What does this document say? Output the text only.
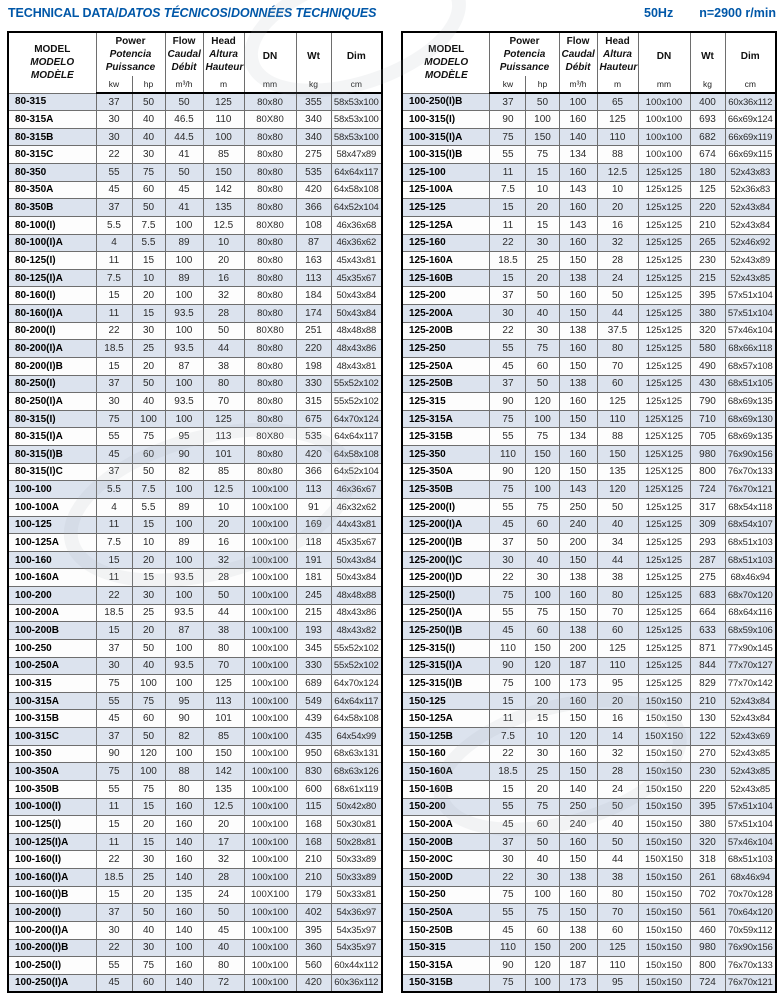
TECHNICAL DATA/DATOS TÉCNICOS/DONNÉES TECHNIQUES	50Hz n=2900 r/min
MODEL
MODELO
MODÈLE

Power
Potencia
Puissance

Flow
Caudal
Débit

Head
Altura
Hauteur
	DN	Wt	Dim
	kw	hp	m³/h	m	mm	kg	cm
80-315	37	50	50	125	80x80	355	58x53x100
80-315A	30	40	46.5	110	80X80	340	58x53x100
80-315B	30	40	44.5	100	80x80	340	58x53x100
80-315C	22	30	41	85	80x80	275	58x47x89
80-350	55	75	50	150	80x80	535	64x64x117
80-350A	45	60	45	142	80x80	420	64x58x108
80-350B	37	50	41	135	80x80	366	64x52x104
80-100(I)	5.5	7.5	100	12.5	80X80	108	46x36x68
80-100(I)A	4	5.5	89	10	80x80	87	46x36x62
80-125(I)	11	15	100	20	80x80	163	45x43x81
80-125(I)A	7.5	10	89	16	80x80	113	45x35x67
80-160(I)	15	20	100	32	80x80	184	50x43x84
80-160(I)A	11	15	93.5	28	80x80	174	50x43x84
80-200(I)	22	30	100	50	80X80	251	48x48x88
80-200(I)A	18.5	25	93.5	44	80x80	220	48x43x86
80-200(I)B	15	20	87	38	80x80	198	48x43x81
80-250(I)	37	50	100	80	80x80	330	55x52x102
80-250(I)A	30	40	93.5	70	80x80	315	55x52x102
80-315(I)	75	100	100	125	80x80	675	64x70x124
80-315(I)A	55	75	95	113	80X80	535	64x64x117
80-315(I)B	45	60	90	101	80x80	420	64x58x108
80-315(I)C	37	50	82	85	80x80	366	64x52x104
100-100	5.5	7.5	100	12.5	100x100	113	46x36x67
100-100A	4	5.5	89	10	100x100	91	46x32x62
100-125	11	15	100	20	100x100	169	44x43x81
100-125A	7.5	10	89	16	100x100	118	45x35x67
100-160	15	20	100	32	100x100	191	50x43x84
100-160A	11	15	93.5	28	100x100	181	50x43x84
100-200	22	30	100	50	100x100	245	48x48x88
100-200A	18.5	25	93.5	44	100x100	215	48x43x86
100-200B	15	20	87	38	100x100	193	48x43x82
100-250	37	50	100	80	100x100	345	55x52x102
100-250A	30	40	93.5	70	100x100	330	55x52x102
100-315	75	100	100	125	100x100	689	64x70x124
100-315A	55	75	95	113	100x100	549	64x64x117
100-315B	45	60	90	101	100x100	439	64x58x108
100-315C	37	50	82	85	100x100	435	64x54x99
100-350	90	120	100	150	100x100	950	68x63x131
100-350A	75	100	88	142	100x100	830	68x63x126
100-350B	55	75	80	135	100x100	600	68x61x119
100-100(I)	11	15	160	12.5	100x100	115	50x42x80
100-125(I)	15	20	160	20	100x100	168	50x30x81
100-125(I)A	11	15	140	17	100x100	168	50x28x81
100-160(I)	22	30	160	32	100x100	210	50x33x89
100-160(I)A	18.5	25	140	28	100x100	210	50x33x89
100-160(I)B	15	20	135	24	100X100	179	50x33x81
100-200(I)	37	50	160	50	100x100	402	54x36x97
100-200(I)A	30	40	140	45	100x100	395	54x35x97
100-200(I)B	22	30	100	40	100x100	360	54x35x97
100-250(I)	55	75	160	80	100x100	560	60x44x112
100-250(I)A	45	60	140	72	100x100	420	60x36x112
MODEL
MODELO
MODÈLE

Power
Potencia
Puissance

Flow
Caudal
Débit

Head
Altura
Hauteur
	DN	Wt	Dim
	kw	hp	m³/h	m	mm	kg	cm
100-250(I)B	37	50	100	65	100x100	400	60x36x112
100-315(I)	90	100	160	125	100x100	693	66x69x124
100-315(I)A	75	150	140	110	100x100	682	66x69x119
100-315(I)B	55	75	134	88	100x100	674	66x69x115
125-100	11	15	160	12.5	125x125	180	52x43x83
125-100A	7.5	10	143	10	125x125	125	52x36x83
125-125	15	20	160	20	125x125	220	52x43x84
125-125A	11	15	143	16	125x125	210	52x43x84
125-160	22	30	160	32	125x125	265	52x46x92
125-160A	18.5	25	150	28	125x125	230	52x43x89
125-160B	15	20	138	24	125x125	215	52x43x85
125-200	37	50	160	50	125x125	395	57x51x104
125-200A	30	40	150	44	125x125	380	57x51x104
125-200B	22	30	138	37.5	125x125	320	57x46x104
125-250	55	75	160	80	125x125	580	68x66x118
125-250A	45	60	150	70	125x125	490	68x57x108
125-250B	37	50	138	60	125x125	430	68x51x105
125-315	90	120	160	125	125x125	790	68x69x135
125-315A	75	100	150	110	125X125	710	68x69x130
125-315B	55	75	134	88	125X125	705	68x69x135
125-350	110	150	160	150	125X125	980	76x90x156
125-350A	90	120	150	135	125X125	800	76x70x133
125-350B	75	100	143	120	125X125	724	76x70x121
125-200(I)	55	75	250	50	125x125	317	68x54x118
125-200(I)A	45	60	240	40	125x125	309	68x54x107
125-200(I)B	37	50	200	34	125x125	293	68x51x103
125-200(I)C	30	40	150	44	125x125	287	68x51x103
125-200(I)D	22	30	138	38	125x125	275	68x46x94
125-250(I)	75	100	160	80	125x125	683	68x70x120
125-250(I)A	55	75	150	70	125x125	664	68x64x116
125-250(I)B	45	60	138	60	125x125	633	68x59x106
125-315(I)	110	150	200	125	125x125	871	77x90x145
125-315(I)A	90	120	187	110	125x125	844	77x70x127
125-315(I)B	75	100	173	95	125x125	829	77x70x142
150-125	15	20	160	20	150x150	210	52x43x84
150-125A	11	15	150	16	150x150	130	52x43x84
150-125B	7.5	10	120	14	150X150	122	52x43x69
150-160	22	30	160	32	150x150	270	52x43x85
150-160A	18.5	25	150	28	150x150	230	52x43x85
150-160B	15	20	140	24	150x150	220	52x43x85
150-200	55	75	250	50	150x150	395	57x51x104
150-200A	45	60	240	40	150x150	380	57x51x104
150-200B	37	50	160	50	150x150	320	57x46x104
150-200C	30	40	150	44	150X150	318	68x51x103
150-200D	22	30	138	38	150x150	261	68x46x94
150-250	75	100	160	80	150x150	702	70x70x128
150-250A	55	75	150	70	150x150	561	70x64x120
150-250B	45	60	138	60	150x150	460	70x59x112
150-315	110	150	200	125	150x150	980	76x90x156
150-315A	90	120	187	110	150x150	800	76x70x133
150-315B	75	100	173	95	150x150	724	76x70x121
